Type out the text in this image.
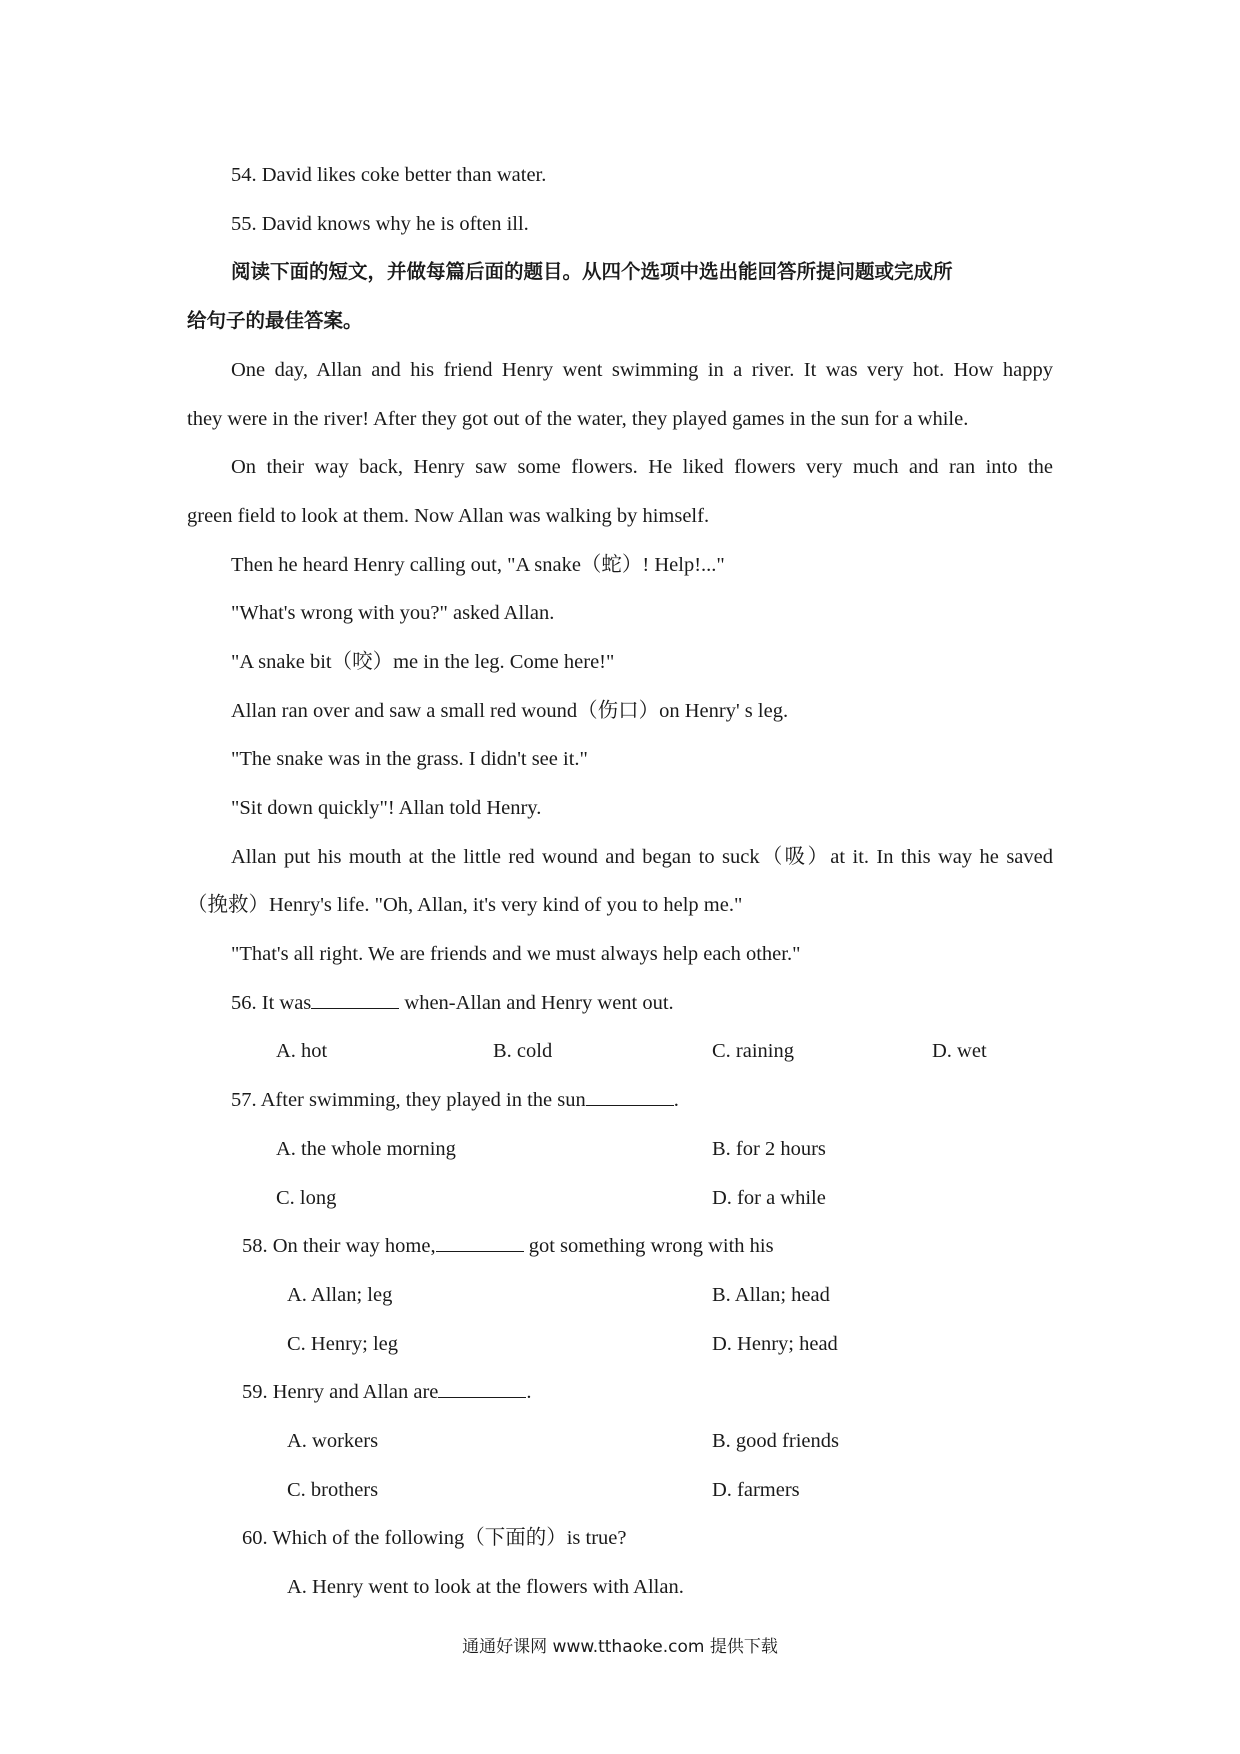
54. David likes coke better than water.
55. David knows why he is often ill.
阅读下面的短文，并做每篇后面的题目。从四个选项中选出能回答所提问题或完成所
给句子的最佳答案。
One day, Allan and his friend Henry went swimming in a river. It was very hot. How happy
they were in the river! After they got out of the water, they played games in the sun for a while.
On their way back, Henry saw some flowers. He liked flowers very much and ran into the
green field to look at them. Now Allan was walking by himself.
Then he heard Henry calling out, "A snake（蛇）! Help!..."
"What's wrong with you?" asked Allan.
"A snake bit（咬）me in the leg. Come here!"
Allan ran over and saw a small red wound（伤口）on Henry' s leg.
"The snake was in the grass. I didn't see it."
"Sit down quickly"! Allan told Henry.
Allan put his mouth at the little red wound and began to suck（吸）at it. In this way he saved
（挽救）Henry's life. "Oh, Allan, it's very kind of you to help me."
"That's all right. We are friends and we must always help each other."
56. It was	when-Allan and Henry went out.
A. hot	B. cold	C. raining	D. wet
57. After swimming, they played in the sun	.
A. the whole morning	B. for 2 hours
C. long	D. for a while
58. On their way home,	got something wrong with his
A. Allan; leg	B. Allan; head
C. Henry; leg	D. Henry; head
59. Henry and Allan are	.
A. workers	B. good friends
C. brothers	D. farmers
60. Which of the following（下面的）is true?
A. Henry went to look at the flowers with Allan.
通通好课网 www.tthaoke.com 提供下载
